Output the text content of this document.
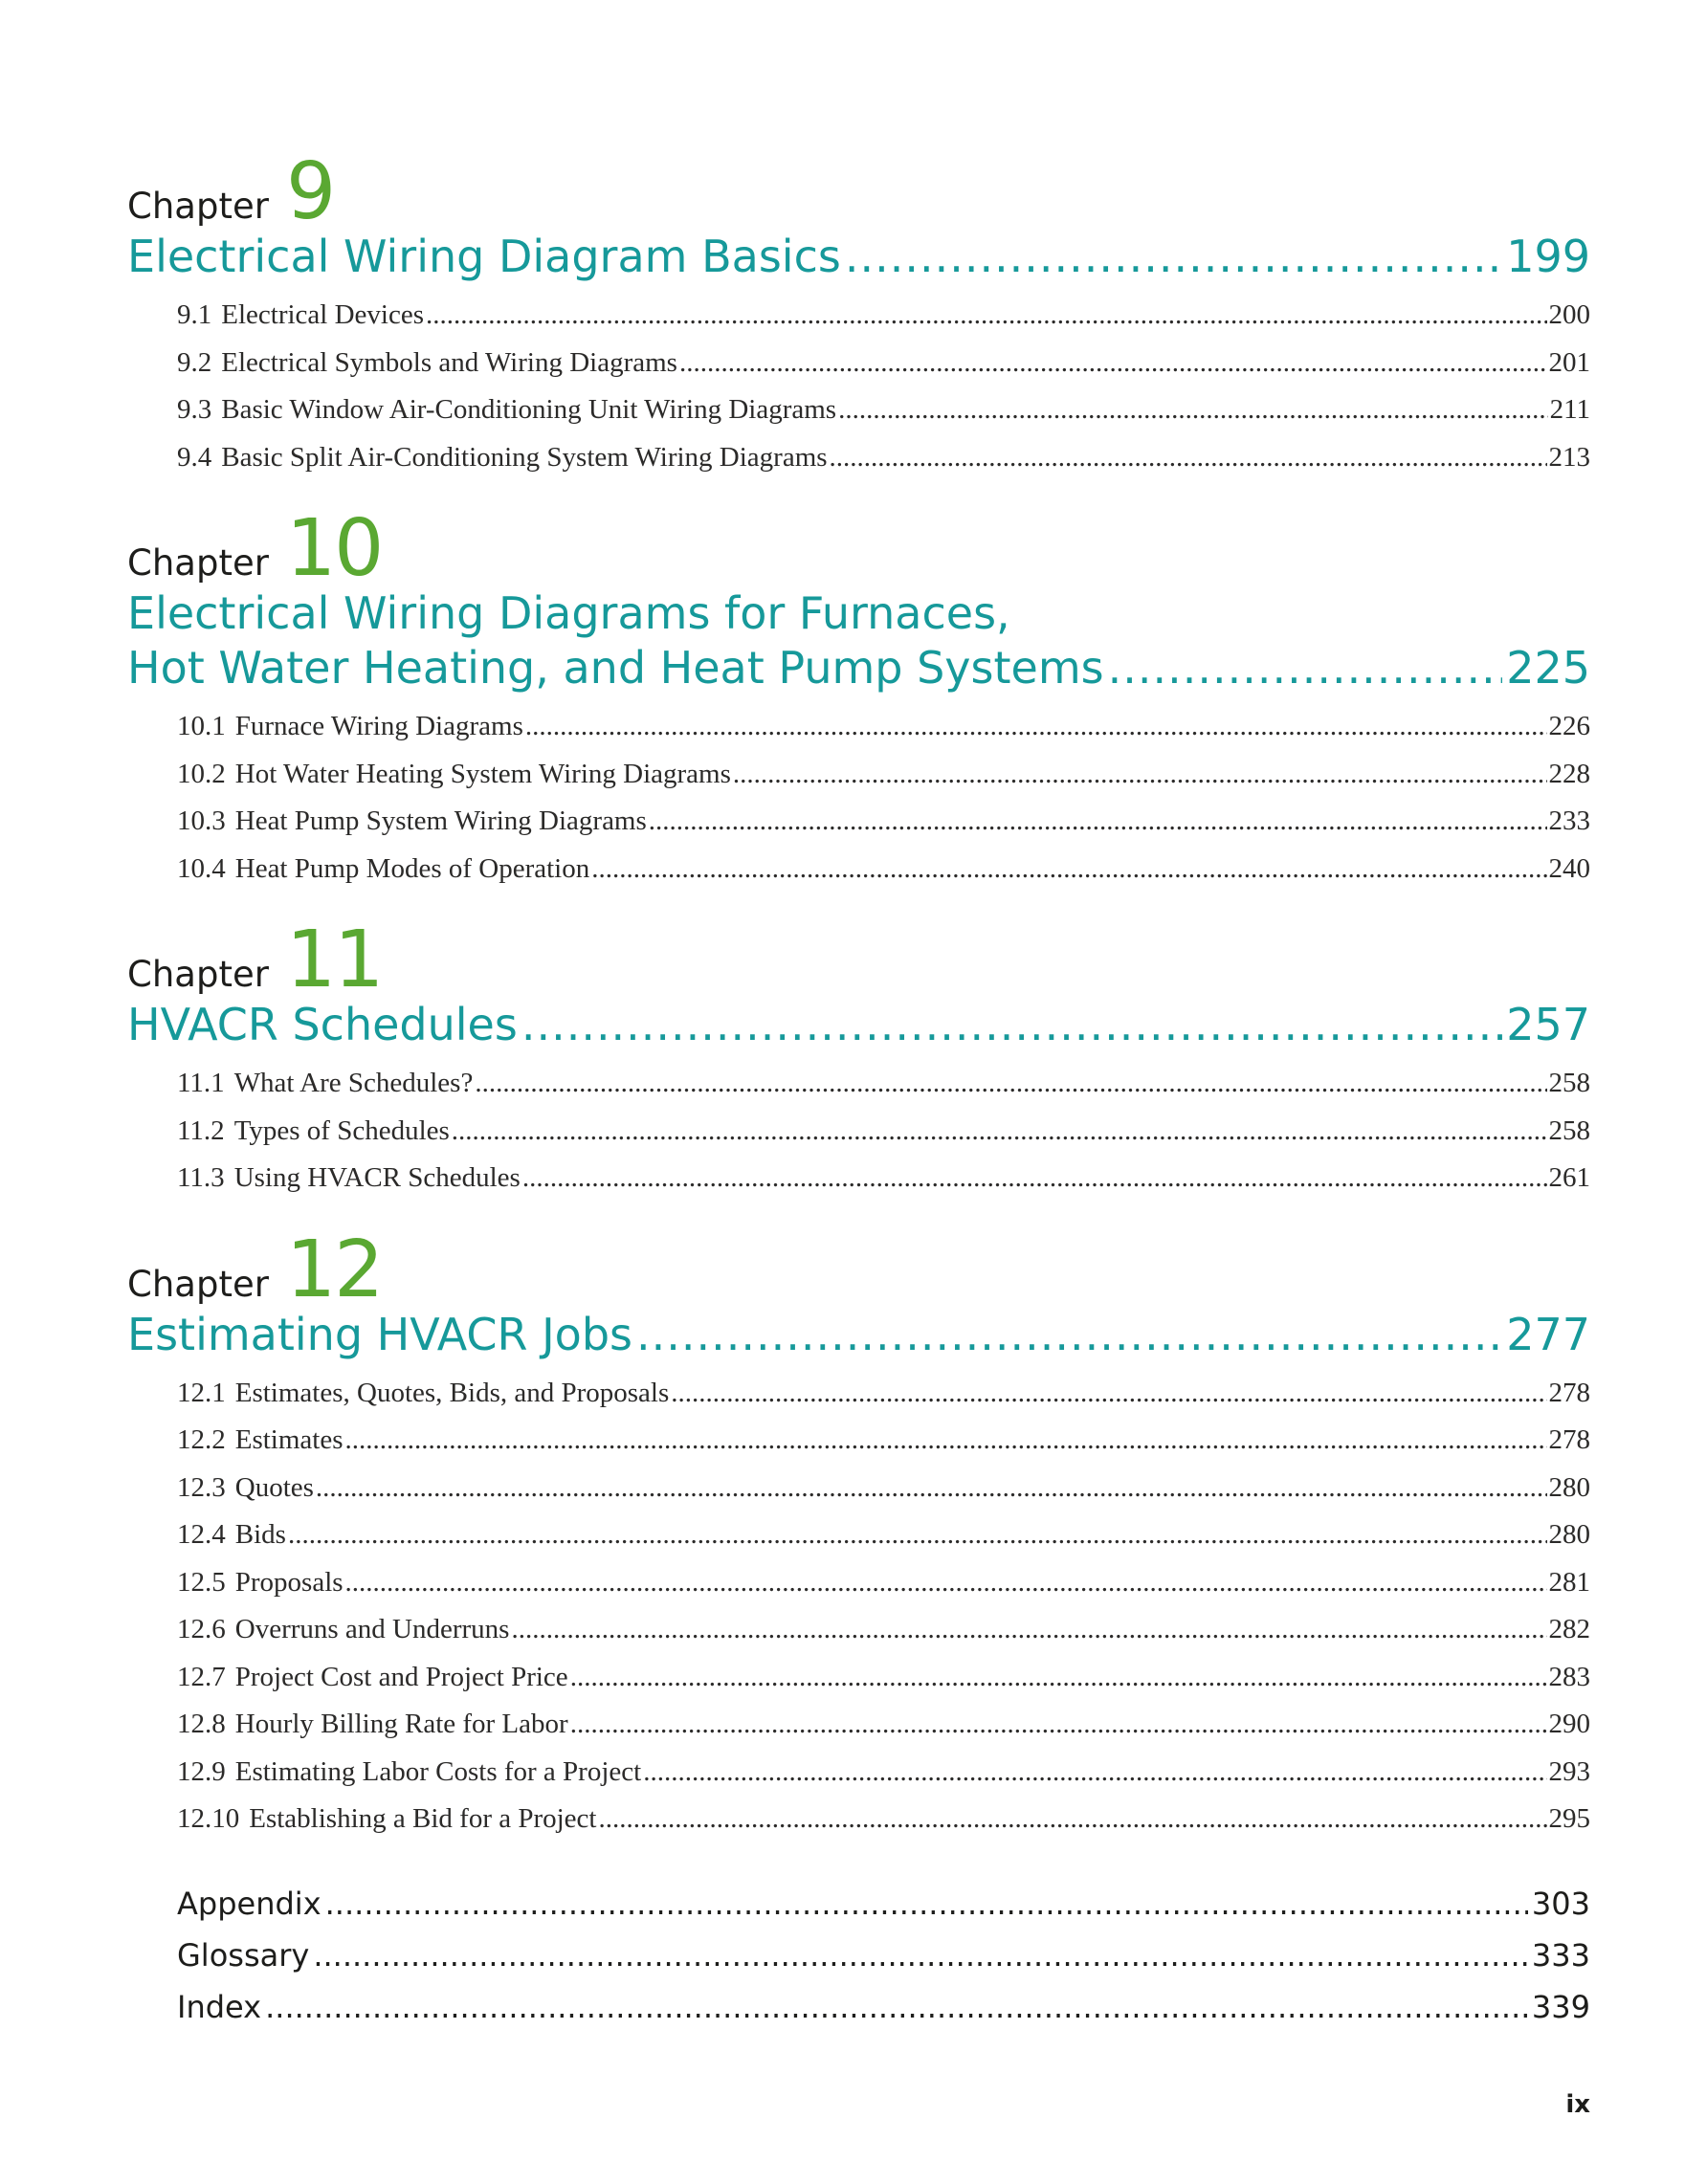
Chapter 9
Electrical Wiring Diagram Basics .....	199
9.1 Electrical Devices .....	200
9.2 Electrical Symbols and Wiring Diagrams .....	201
9.3 Basic Window Air-Conditioning Unit Wiring Diagrams .....	211
9.4 Basic Split Air-Conditioning System Wiring Diagrams .....	213
Chapter 10
Electrical Wiring Diagrams for Furnaces,
Hot Water Heating, and Heat Pump Systems .....	225
10.1 Furnace Wiring Diagrams .....	226
10.2 Hot Water Heating System Wiring Diagrams .....	228
10.3 Heat Pump System Wiring Diagrams .....	233
10.4 Heat Pump Modes of Operation .....	240
Chapter 11
HVACR Schedules .....	257
11.1 What Are Schedules? .....	258
11.2 Types of Schedules .....	258
11.3 Using HVACR Schedules .....	261
Chapter 12
Estimating HVACR Jobs .....	277
12.1 Estimates, Quotes, Bids, and Proposals .....	278
12.2 Estimates .....	278
12.3 Quotes .....	280
12.4 Bids .....	280
12.5 Proposals .....	281
12.6 Overruns and Underruns .....	282
12.7 Project Cost and Project Price .....	283
12.8 Hourly Billing Rate for Labor .....	290
12.9 Estimating Labor Costs for a Project .....	293
12.10 Establishing a Bid for a Project .....	295
Appendix .....	303
Glossary .....	333
Index .....	339
ix
